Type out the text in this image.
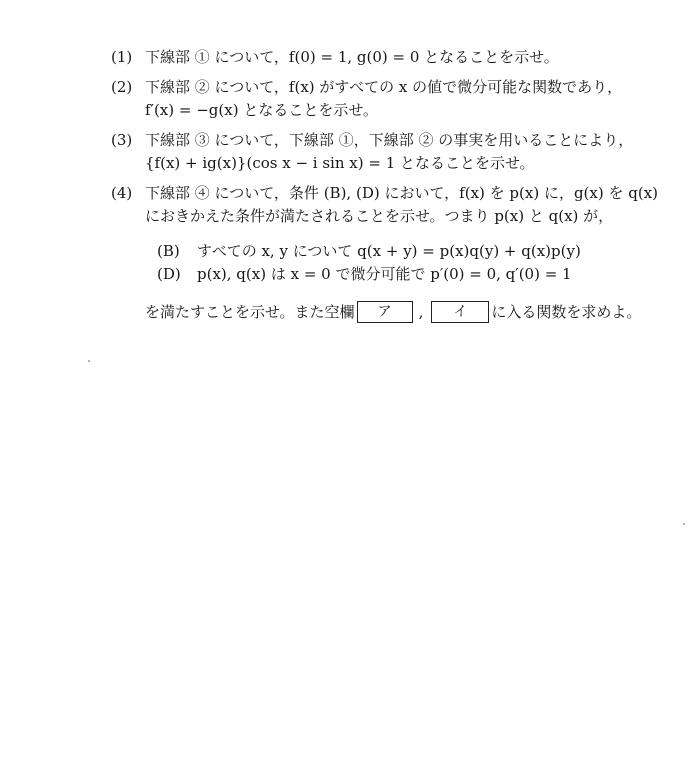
(1) 下線部 ① について，f(0) = 1, g(0) = 0 となることを示せ。
(2) 下線部 ② について，f(x) がすべての x の値で微分可能な関数であり，
f′(x) = −g(x) となることを示せ。
(3) 下線部 ③ について，下線部 ①，下線部 ② の事実を用いることにより，
{f(x) + ig(x)}(cos x − i sin x) = 1 となることを示せ。
(4) 下線部 ④ について，条件 (B), (D) において，f(x) を p(x) に，g(x) を q(x)
におきかえた条件が満たされることを示せ。つまり p(x) と q(x) が，
(B) すべての x, y について q(x + y) = p(x)q(y) + q(x)p(y)
(D) p(x), q(x) は x = 0 で微分可能で p′(0) = 0, q′(0) = 1
を満たすことを示せ。また空欄	ア	,	イ	に入る関数を求めよ。
